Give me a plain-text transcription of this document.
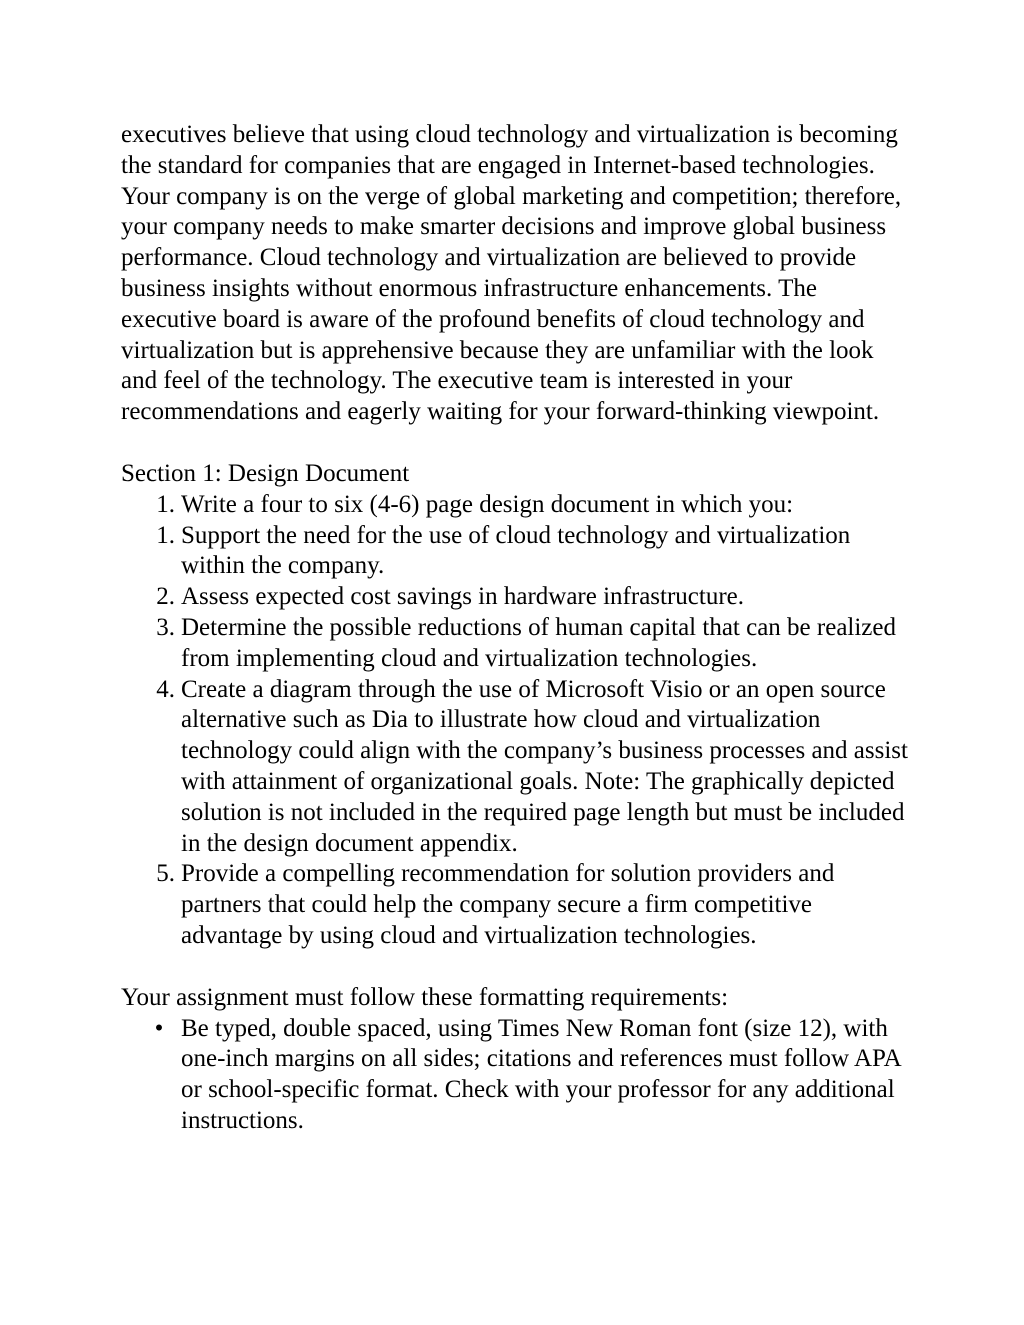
executives believe that using cloud technology and virtualization is becoming the standard for companies that are engaged in Internet-based technologies. Your company is on the verge of global marketing and competition; therefore, your company needs to make smarter decisions and improve global business performance. Cloud technology and virtualization are believed to provide business insights without enormous infrastructure enhancements. The executive board is aware of the profound benefits of cloud technology and virtualization but is apprehensive because they are unfamiliar with the look and feel of the technology. The executive team is interested in your recommendations and eagerly waiting for your forward-thinking viewpoint.

Section 1: Design Document

1. Write a four to six (4-6) page design document in which you:
1. Support the need for the use of cloud technology and virtualization within the company.
2. Assess expected cost savings in hardware infrastructure.
3. Determine the possible reductions of human capital that can be realized from implementing cloud and virtualization technologies.
4. Create a diagram through the use of Microsoft Visio or an open source alternative such as Dia to illustrate how cloud and virtualization technology could align with the company’s business processes and assist with attainment of organizational goals. Note: The graphically depicted solution is not included in the required page length but must be included in the design document appendix.
5. Provide a compelling recommendation for solution providers and partners that could help the company secure a firm competitive advantage by using cloud and virtualization technologies.

Your assignment must follow these formatting requirements:

• Be typed, double spaced, using Times New Roman font (size 12), with one-inch margins on all sides; citations and references must follow APA or school-specific format. Check with your professor for any additional instructions.
